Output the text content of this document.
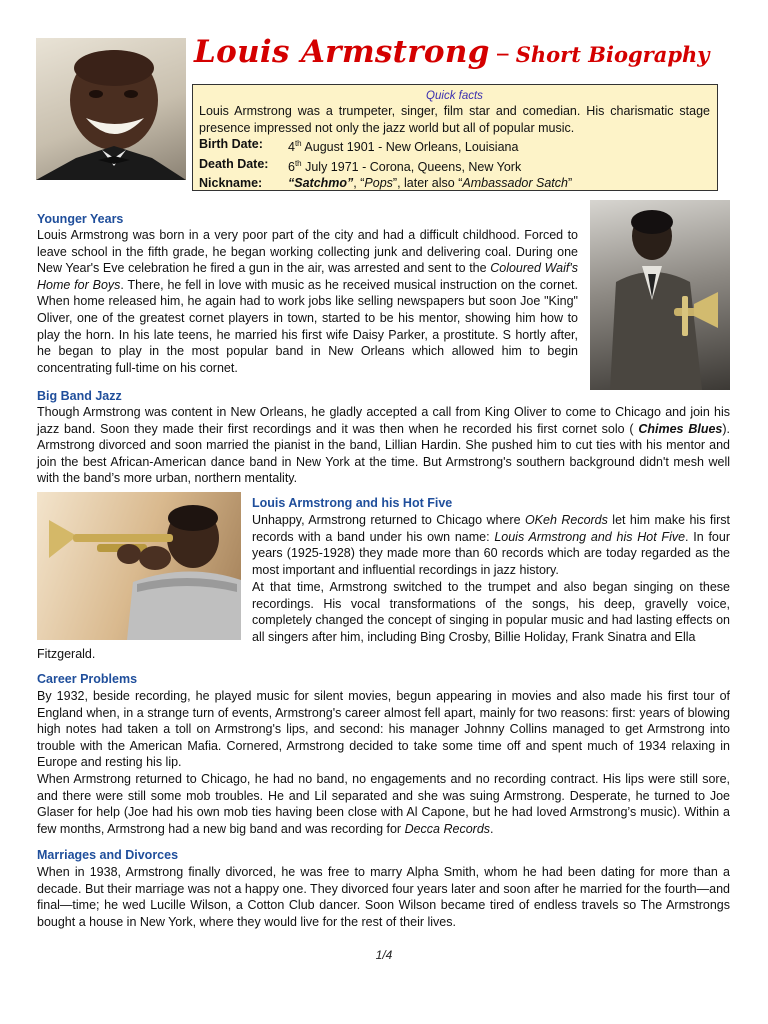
Louis Armstrong – Short Biography
Quick facts
Louis Armstrong was a trumpeter, singer, film star and comedian. His charismatic stage presence impressed not only the jazz world but all of popular music.
Birth Date:	4th August 1901 - New Orleans, Louisiana
Death Date:	6th July 1971 - Corona, Queens, New York
Nickname:	“Satchmo”, “Pops”, later also “Ambassador Satch”
Younger Years
Louis Armstrong was born in a very poor part of the city and had a difficult childhood. Forced to leave school in the fifth grade, he began working collecting junk and delivering coal. During one New Year's Eve celebration he fired a gun in the air, was arrested and sent to the Coloured Waif's Home for Boys. There, he fell in love with music as he received musical instruction on the cornet. When home released him, he again had to work jobs like selling newspapers but soon Joe "King" Oliver, one of the greatest cornet players in town, started to be his mentor, showing him how to play the horn. In his late teens, he married his first wife Daisy Parker, a prostitute. S hortly after, he began to play in the most popular band in New Orleans which allowed him to begin concentrating full-time on his cornet.
Big Band Jazz
Though Armstrong was content in New Orleans, he gladly accepted a call from King Oliver to come to Chicago and join his jazz band. Soon they made their first recordings and it was then when he recorded his first cornet solo ( Chimes Blues). Armstrong divorced and soon married the pianist in the band, Lillian Hardin. She pushed him to cut ties with his mentor and join the best African-American dance band in New York at the time. But Armstrong's southern background didn't mesh well with the band’s more urban, northern mentality.
Louis Armstrong and his Hot Five
Unhappy, Armstrong returned to Chicago where OKeh Records let him make his first records with a band under his own name: Louis Armstrong and his Hot Five. In four years (1925-1928) they made more than 60 records which are today regarded as the most important and influential recordings in jazz history.
At that time, Armstrong switched to the trumpet and also began singing on these recordings. His vocal transformations of the songs, his deep, gravelly voice, completely changed the concept of singing in popular music and had lasting effects on all singers after him, including Bing Crosby, Billie Holiday, Frank Sinatra and Ella
Fitzgerald.
Career Problems
By 1932, beside recording, he played music for silent movies, begun appearing in movies and also made his first tour of England when, in a strange turn of events, Armstrong's career almost fell apart, mainly for two reasons: first: years of blowing high notes had taken a toll on Armstrong's lips, and second: his manager Johnny Collins managed to get Armstrong into trouble with the American Mafia. Cornered, Armstrong decided to take some time off and spent much of 1934 relaxing in Europe and resting his lip.
When Armstrong returned to Chicago, he had no band, no engagements and no recording contract. His lips were still sore, and there were still some mob troubles. He and Lil separated and she was suing Armstrong. Desperate, he turned to Joe Glaser for help (Joe had his own mob ties having been close with Al Capone, but he had loved Armstrong’s music). Within a few months, Armstrong had a new big band and was recording for Decca Records.
Marriages and Divorces
When in 1938, Armstrong finally divorced, he was free to marry Alpha Smith, whom he had been dating for more than a decade. But their marriage was not a happy one. They divorced four years later and soon after he married for the fourth—and final—time; he wed Lucille Wilson, a Cotton Club dancer. Soon Wilson became tired of endless travels so The Armstrongs bought a house in New York, where they would live for the rest of their lives.
1/4
